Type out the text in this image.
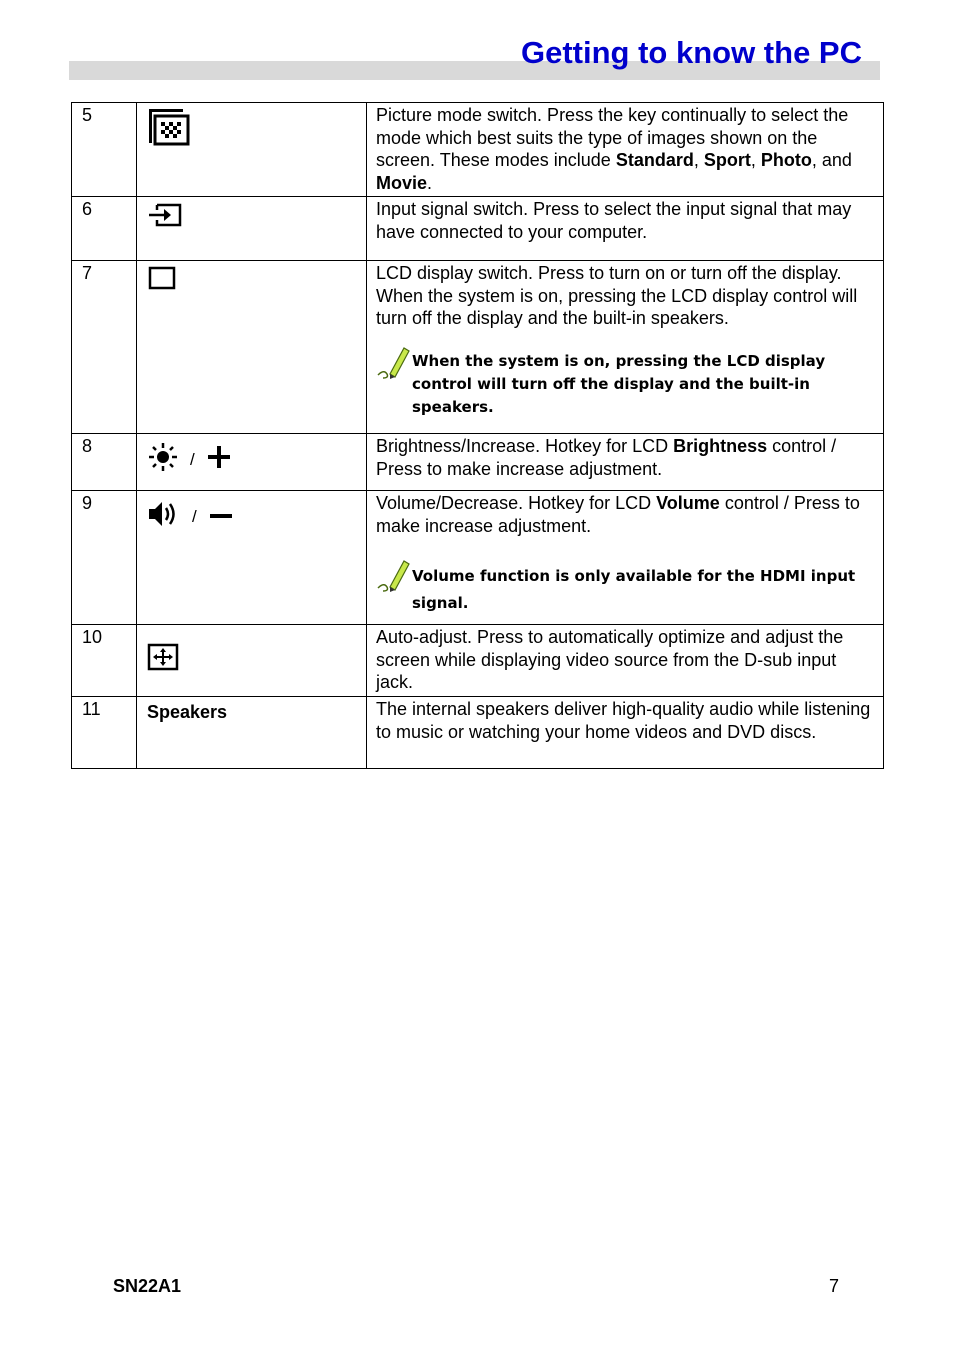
Getting to know the PC
5		Picture mode switch. Press the key continually to select the mode which best suits the type of images shown on the screen. These modes include Standard, Sport, Photo, and Movie.
6		Input signal switch. Press to select the input signal that may have connected to your computer.
7		LCD display switch. Press to turn on or turn off the display. When the system is on, pressing the LCD display control will turn off the display and the built-in speakers.
When the system is on, pressing the LCD display control will turn off the display and the built-in speakers.

8	/	Brightness/Increase. Hotkey for LCD Brightness control / Press to make increase adjustment.
9	/	Volume/Decrease. Hotkey for LCD Volume control / Press to make increase adjustment.
Volume function is only available for the HDMI input signal.

10		Auto-adjust. Press to automatically optimize and adjust the screen while displaying video source from the D-sub input jack.
11	Speakers	The internal speakers deliver high-quality audio while listening to music or watching your home videos and DVD discs.
SN22A1	7
